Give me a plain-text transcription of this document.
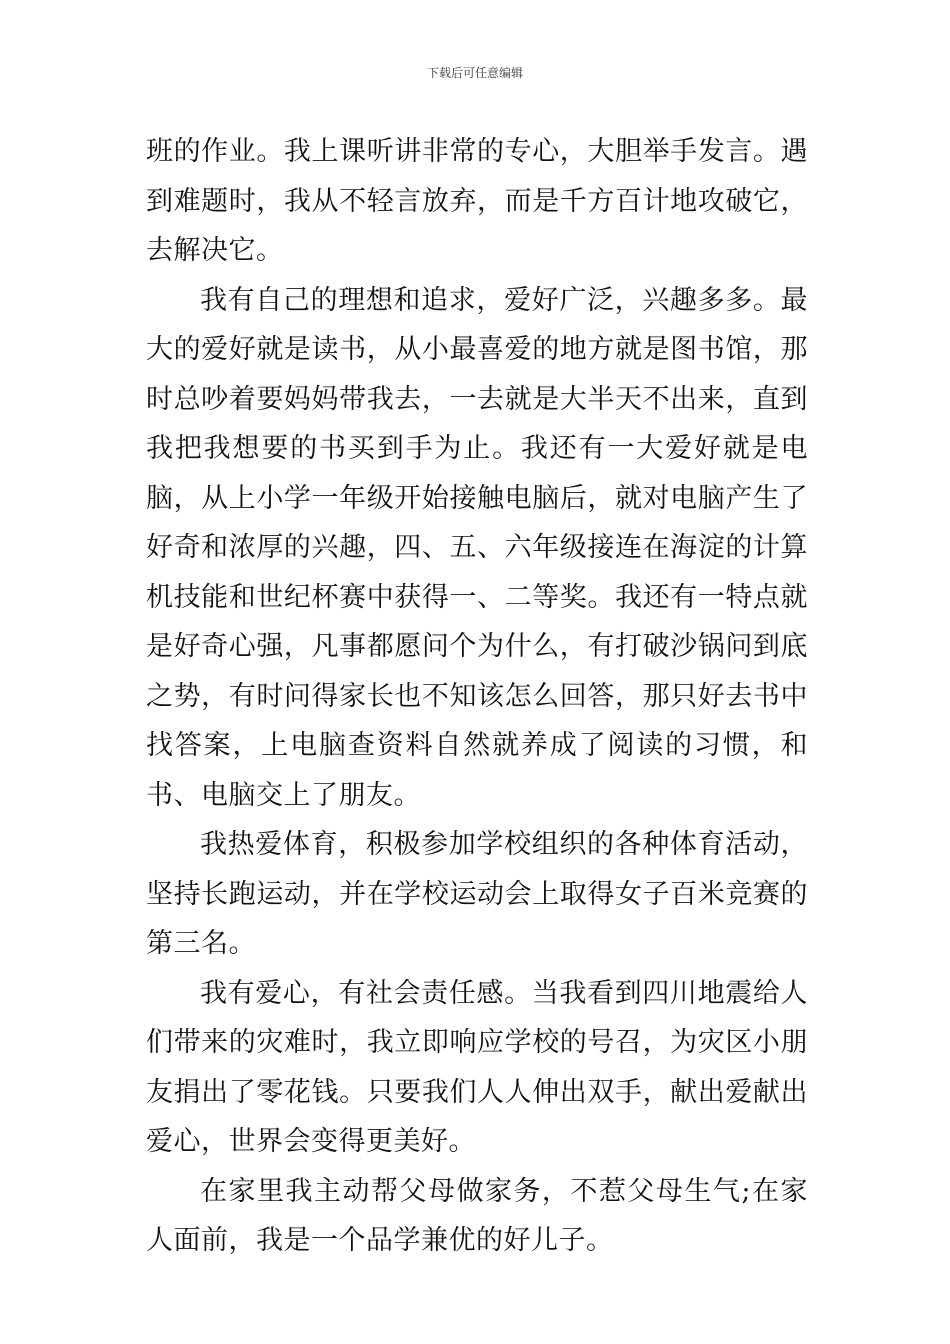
下载后可任意编辑

班的作业。我上课听讲非常的专心，大胆举手发言。遇到难题时，我从不轻言放弃，而是千方百计地攻破它，去解决它。

我有自己的理想和追求，爱好广泛，兴趣多多。最大的爱好就是读书，从小最喜爱的地方就是图书馆，那时总吵着要妈妈带我去，一去就是大半天不出来，直到我把我想要的书买到手为止。我还有一大爱好就是电脑，从上小学一年级开始接触电脑后，就对电脑产生了好奇和浓厚的兴趣，四、五、六年级接连在海淀的计算机技能和世纪杯赛中获得一、二等奖。我还有一特点就是好奇心强，凡事都愿问个为什么，有打破沙锅问到底之势，有时问得家长也不知该怎么回答，那只好去书中找答案，上电脑查资料自然就养成了阅读的习惯，和书、电脑交上了朋友。

我热爱体育，积极参加学校组织的各种体育活动，坚持长跑运动，并在学校运动会上取得女子百米竞赛的第三名。

我有爱心，有社会责任感。当我看到四川地震给人们带来的灾难时，我立即响应学校的号召，为灾区小朋友捐出了零花钱。只要我们人人伸出双手，献出爱献出爱心，世界会变得更美好。

在家里我主动帮父母做家务，不惹父母生气;在家人面前，我是一个品学兼优的好儿子。
